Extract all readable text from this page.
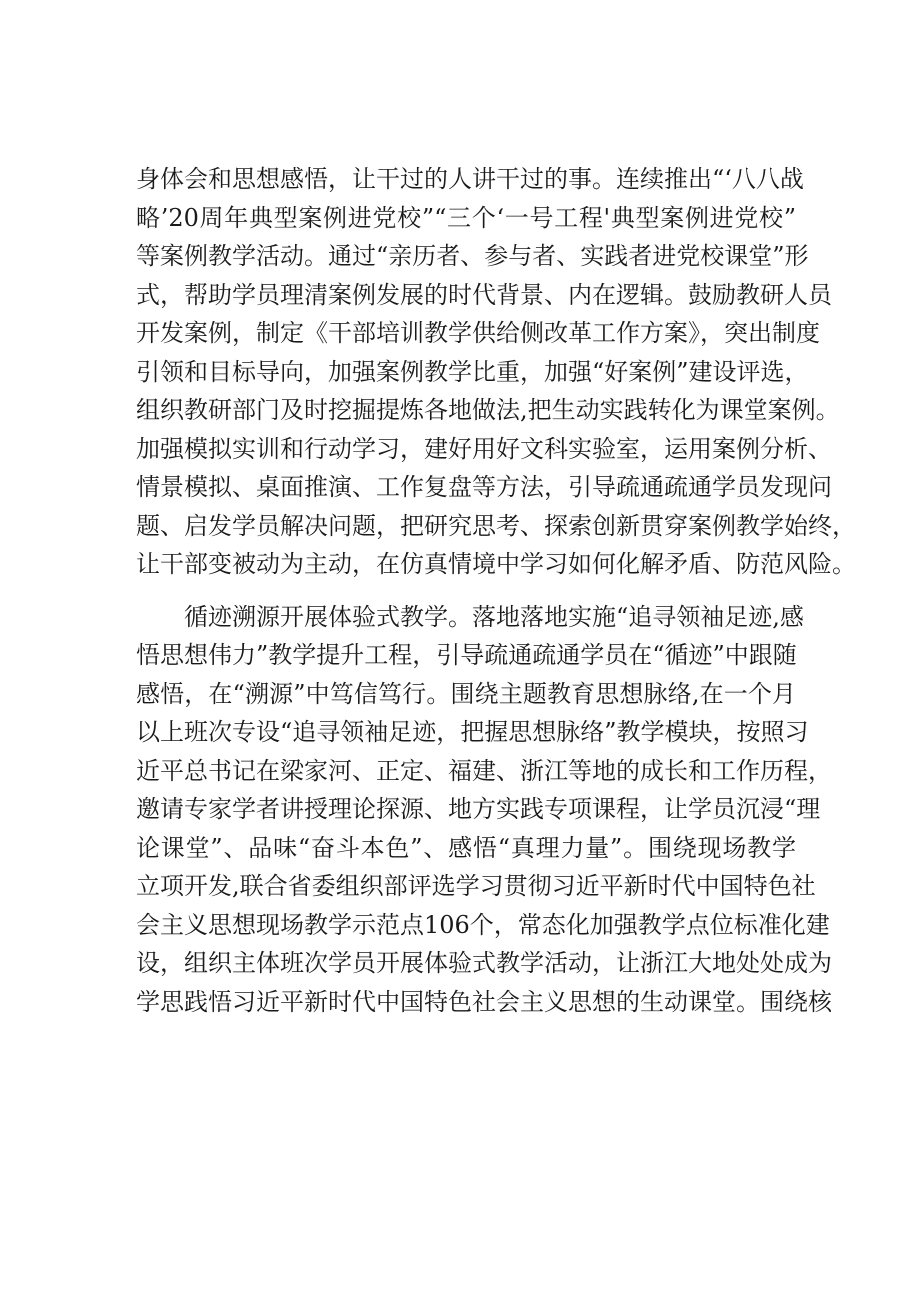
身体会和思想感悟，让干过的人讲干过的事。连续推出“‘八八战
略’20周年典型案例进党校”“三个‘一号工程'典型案例进党校”
等案例教学活动。通过“亲历者、参与者、实践者进党校课堂”形
式，帮助学员理清案例发展的时代背景、内在逻辑。鼓励教研人员
开发案例，制定《干部培训教学供给侧改革工作方案》，突出制度
引领和目标导向，加强案例教学比重，加强“好案例”建设评选，
组织教研部门及时挖掘提炼各地做法,把生动实践转化为课堂案例。
加强模拟实训和行动学习，建好用好文科实验室，运用案例分析、
情景模拟、桌面推演、工作复盘等方法，引导疏通疏通学员发现问
题、启发学员解决问题，把研究思考、探索创新贯穿案例教学始终，
让干部变被动为主动，在仿真情境中学习如何化解矛盾、防范风险。
循迹溯源开展体验式教学。落地落地实施“追寻领袖足迹,感
悟思想伟力”教学提升工程，引导疏通疏通学员在“循迹”中跟随
感悟，在“溯源”中笃信笃行。围绕主题教育思想脉络,在一个月
以上班次专设“追寻领袖足迹，把握思想脉络”教学模块，按照习
近平总书记在梁家河、正定、福建、浙江等地的成长和工作历程，
邀请专家学者讲授理论探源、地方实践专项课程，让学员沉浸“理
论课堂”、品味“奋斗本色”、感悟“真理力量”。围绕现场教学
立项开发,联合省委组织部评选学习贯彻习近平新时代中国特色社
会主义思想现场教学示范点106个，常态化加强教学点位标准化建
设，组织主体班次学员开展体验式教学活动，让浙江大地处处成为
学思践悟习近平新时代中国特色社会主义思想的生动课堂。围绕核
